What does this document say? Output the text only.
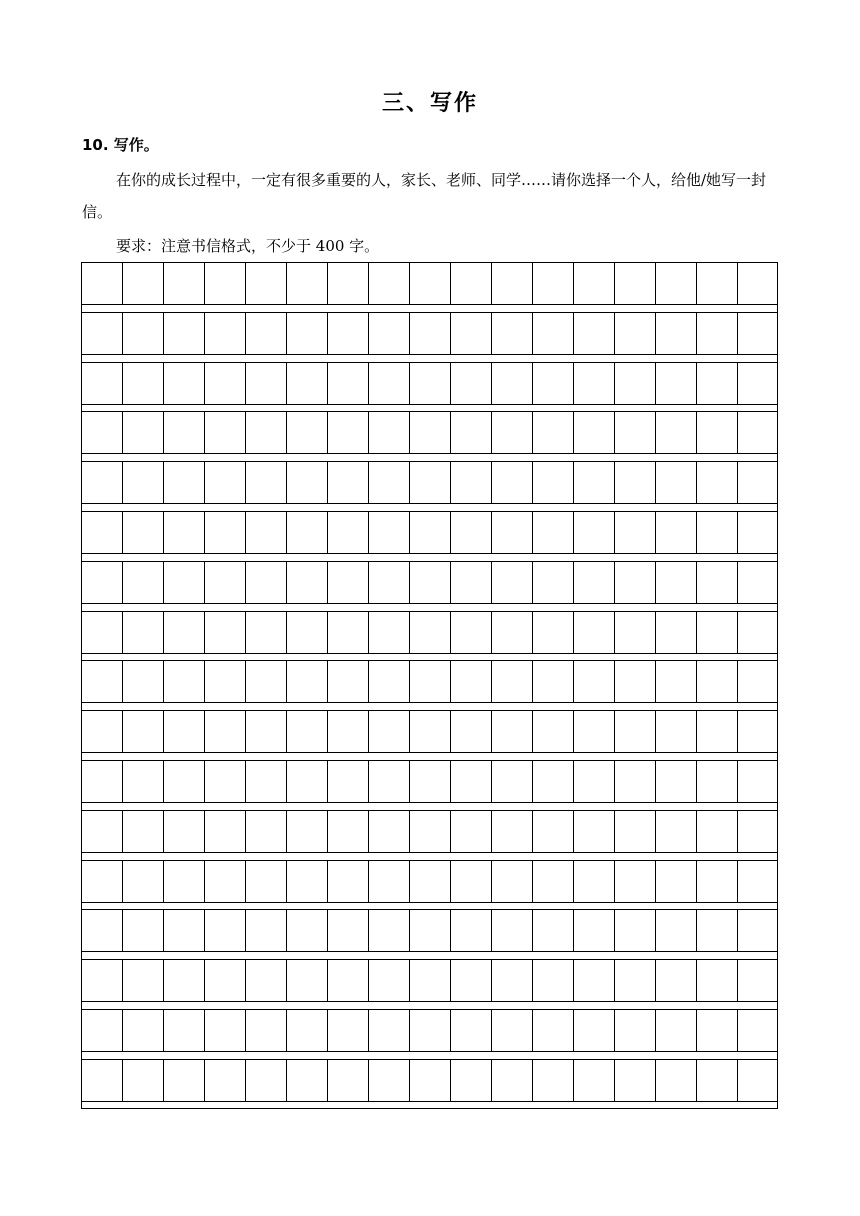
三、写作
10. 写作。
在你的成长过程中，一定有很多重要的人，家长、老师、同学……请你选择一个人，给他/她写一封信。
要求：注意书信格式，不少于 400 字。
